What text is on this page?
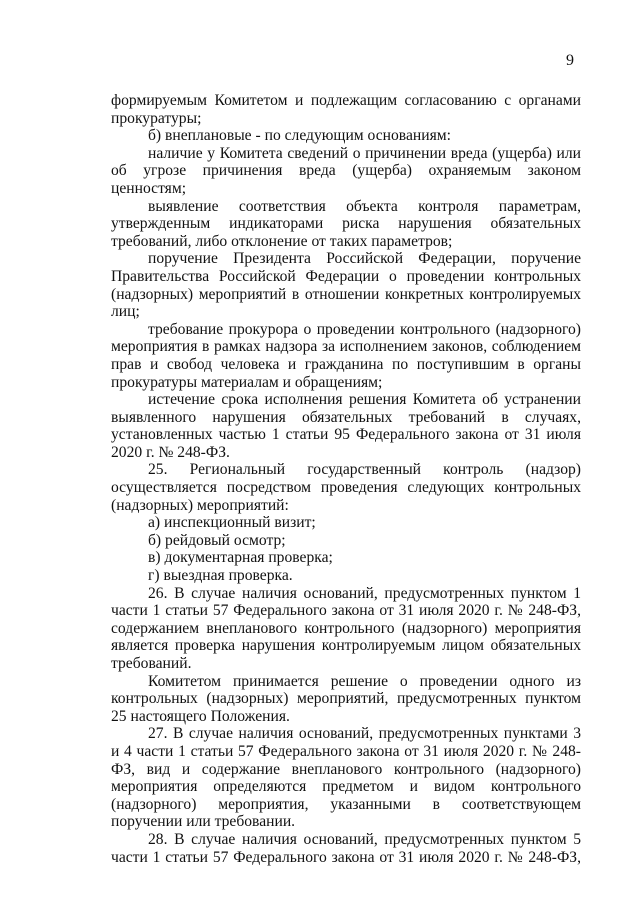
9

формируемым Комитетом и подлежащим согласованию с органами прокуратуры;

б) внеплановые - по следующим основаниям:

наличие у Комитета сведений о причинении вреда (ущерба) или об угрозе причинения вреда (ущерба) охраняемым законом ценностям;

выявление соответствия объекта контроля параметрам, утвержденным индикаторами риска нарушения обязательных требований, либо отклонение от таких параметров;

поручение Президента Российской Федерации, поручение Правительства Российской Федерации о проведении контрольных (надзорных) мероприятий в отношении конкретных контролируемых лиц;

требование прокурора о проведении контрольного (надзорного) мероприятия в рамках надзора за исполнением законов, соблюдением прав и свобод человека и гражданина по поступившим в органы прокуратуры материалам и обращениям;

истечение срока исполнения решения Комитета об устранении выявленного нарушения обязательных требований в случаях, установленных частью 1 статьи 95 Федерального закона от 31 июля 2020 г. № 248-ФЗ.

25. Региональный государственный контроль (надзор) осуществляется посредством проведения следующих контрольных (надзорных) мероприятий:

а) инспекционный визит;

б) рейдовый осмотр;

в) документарная проверка;

г) выездная проверка.

26. В случае наличия оснований, предусмотренных пунктом 1 части 1 статьи 57 Федерального закона от 31 июля 2020 г. № 248-ФЗ, содержанием внепланового контрольного (надзорного) мероприятия является проверка нарушения контролируемым лицом обязательных требований.

Комитетом принимается решение о проведении одного из контрольных (надзорных) мероприятий, предусмотренных пунктом 25 настоящего Положения.

27. В случае наличия оснований, предусмотренных пунктами 3 и 4 части 1 статьи 57 Федерального закона от 31 июля 2020 г. № 248-ФЗ, вид и содержание внепланового контрольного (надзорного) мероприятия определяются предметом и видом контрольного (надзорного) мероприятия, указанными в соответствующем поручении или требовании.

28. В случае наличия оснований, предусмотренных пунктом 5 части 1 статьи 57 Федерального закона от 31 июля 2020 г. № 248-ФЗ,
